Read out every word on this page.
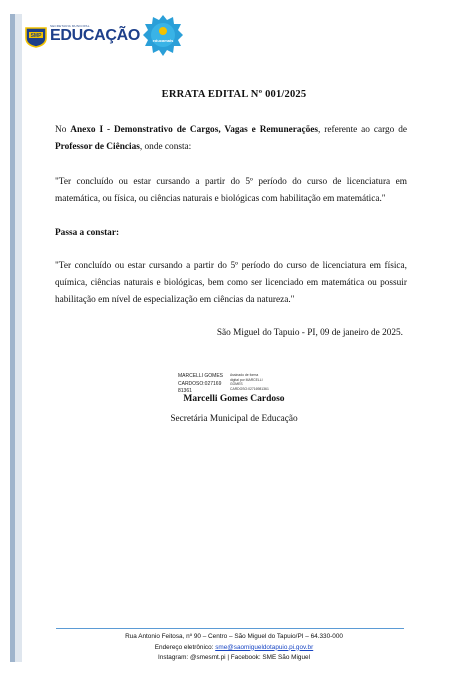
SMP
SECRETARIA MUNICIPAL
EDUCAÇÃO	educamais
ERRATA EDITAL Nº 001/2025
No Anexo I - Demonstrativo de Cargos, Vagas e Remunerações, referente ao cargo de Professor de Ciências, onde consta:
"Ter concluído ou estar cursando a partir do 5º período do curso de licenciatura em matemática, ou física, ou ciências naturais e biológicas com habilitação em matemática."
Passa a constar:
"Ter concluído ou estar cursando a partir do 5º período do curso de licenciatura em física, química, ciências naturais e biológicas, bem como ser licenciado em matemática ou possuir habilitação em nível de especialização em ciências da natureza."
São Miguel do Tapuio - PI, 09 de janeiro de 2025.
MARCELLI GOMES
CARDOSO:027169
81361
Assinado de forma
digital por MARCELLI
GOMES
CARDOSO:02716981361
Marcelli Gomes Cardoso
Secretária Municipal de Educação
Rua Antonio Feitosa, nº 90 – Centro – São Miguel do Tapuio/PI – 64.330-000
Endereço eletrônico: sme@saomigueldotapuio.pi.gov.br
Instagram: @smesmt.pi | Facebook: SME São Miguel
